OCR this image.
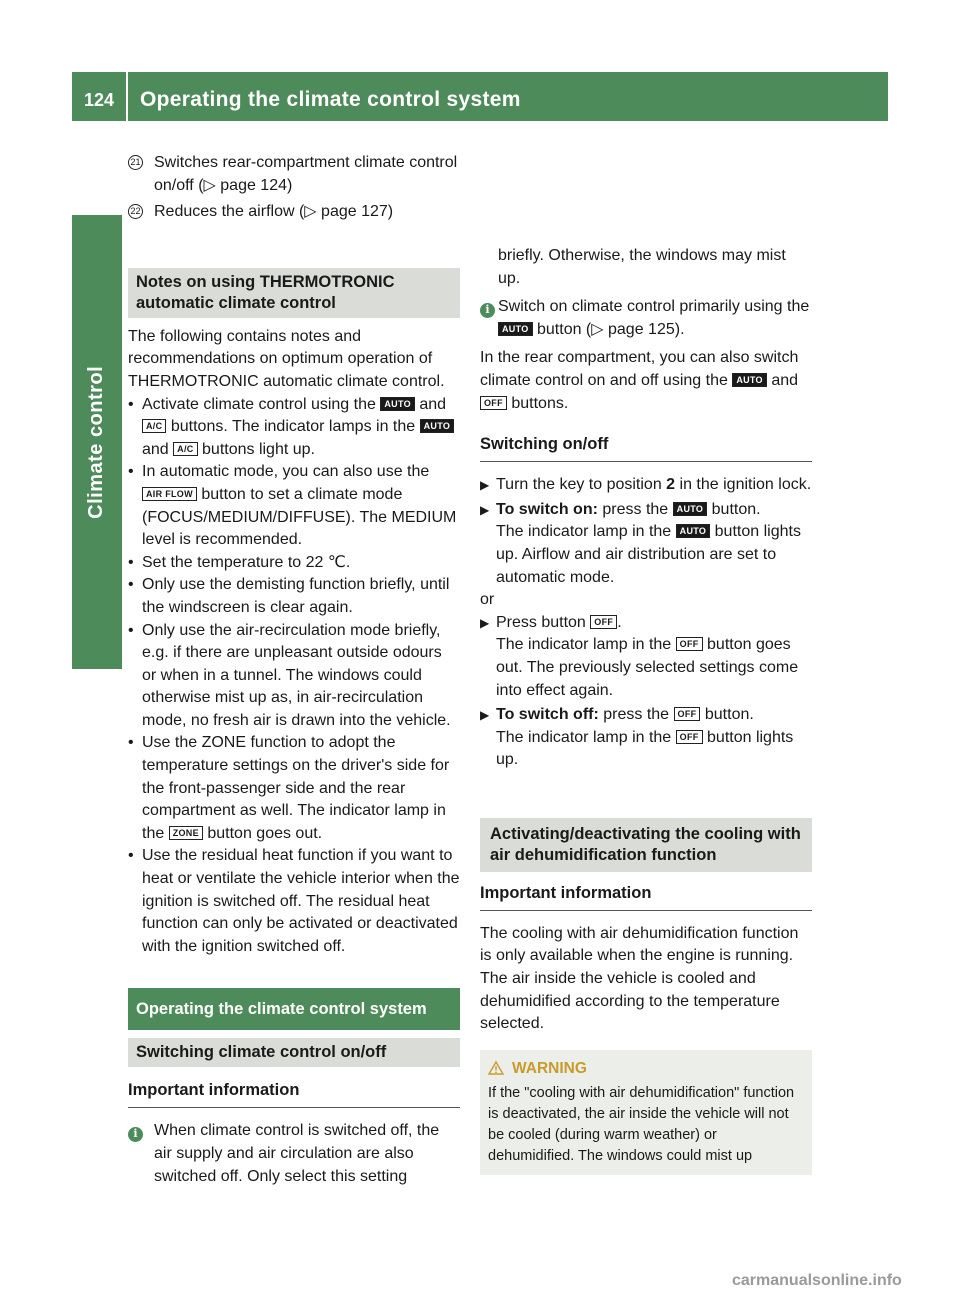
124 Operating the climate control system
Climate control
21 Switches rear-compartment climate control on/off (▷ page 124)
22 Reduces the airflow (▷ page 127)
Notes on using THERMOTRONIC automatic climate control

The following contains notes and recommendations on optimum operation of THERMOTRONIC automatic climate control.

• Activate climate control using the AUTO and A/C buttons. The indicator lamps in the AUTO and A/C buttons light up.
• In automatic mode, you can also use the AIR FLOW button to set a climate mode (FOCUS/MEDIUM/DIFFUSE). The MEDIUM level is recommended.
• Set the temperature to 22 ℃.
• Only use the demisting function briefly, until the windscreen is clear again.
• Only use the air-recirculation mode briefly, e.g. if there are unpleasant outside odours or when in a tunnel. The windows could otherwise mist up as, in air-recirculation mode, no fresh air is drawn into the vehicle.
• Use the ZONE function to adopt the temperature settings on the driver's side for the front-passenger side and the rear compartment as well. The indicator lamp in the ZONE button goes out.
• Use the residual heat function if you want to heat or ventilate the vehicle interior when the ignition is switched off. The residual heat function can only be activated or deactivated with the ignition switched off.
Operating the climate control system
Switching climate control on/off
Important information
i	When climate control is switched off, the air supply and air circulation are also switched off. Only select this setting

briefly. Otherwise, the windows may mist up.

i Switch on climate control primarily using the AUTO button (▷ page 125).

In the rear compartment, you can also switch climate control on and off using the AUTO and OFF buttons.

Switching on/off
▶ Turn the key to position 2 in the ignition lock.
▶ To switch on: press the AUTO button.
The indicator lamp in the AUTO button lights up. Airflow and air distribution are set to automatic mode.

or

▶ Press button OFF .
The indicator lamp in the OFF button goes out. The previously selected settings come into effect again.
▶ To switch off: press the OFF button.
The indicator lamp in the OFF button lights up.
Activating/deactivating the cooling with air dehumidification function
Important information

The cooling with air dehumidification function is only available when the engine is running. The air inside the vehicle is cooled and dehumidified according to the temperature selected.

WARNING

If the "cooling with air dehumidification" function is deactivated, the air inside the vehicle will not be cooled (during warm weather) or dehumidified. The windows could mist up

carmanualsonline.info
